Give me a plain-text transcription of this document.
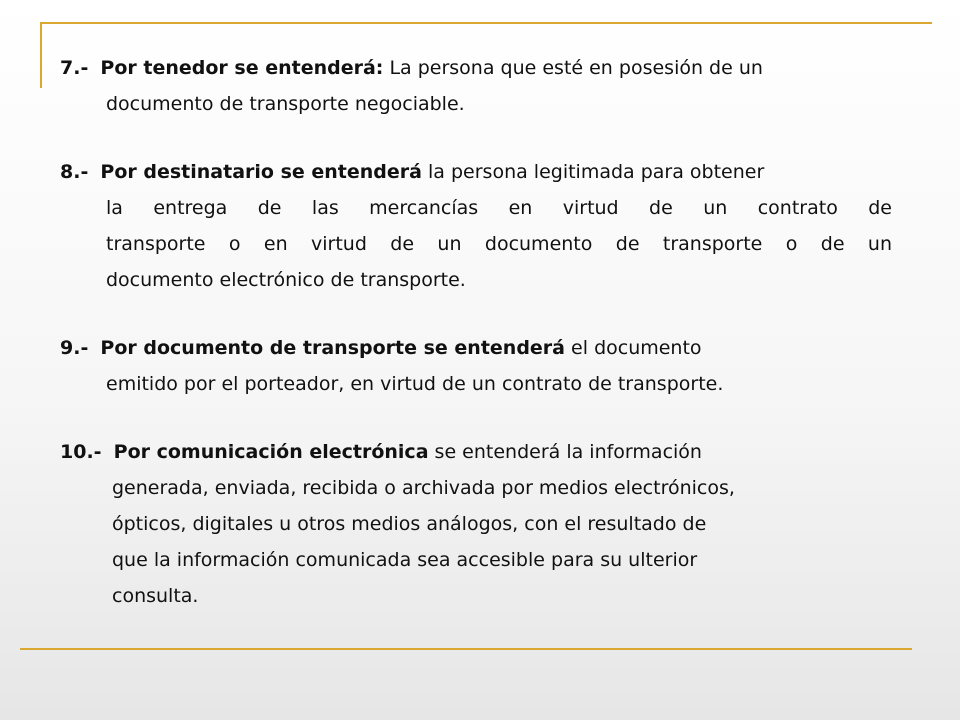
7.- Por tenedor se entenderá: La persona que esté en posesión de un

documento de transporte negociable.

8.- Por destinatario se entenderá la persona legitimada para obtener

la entrega de las mercancías en virtud de un contrato de

transporte o en virtud de un documento de transporte o de un

documento electrónico de transporte.

9.- Por documento de transporte se entenderá el documento

emitido por el porteador, en virtud de un contrato de transporte.

10.- Por comunicación electrónica se entenderá la información

generada, enviada, recibida o archivada por medios electrónicos,

ópticos, digitales u otros medios análogos, con el resultado de

que la información comunicada sea accesible para su ulterior

consulta.
